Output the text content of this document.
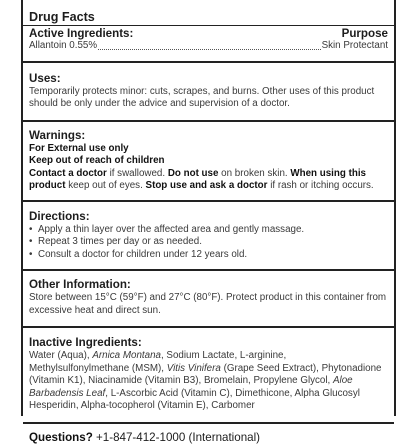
Drug Facts
Active Ingredients:	Purpose
Allantoin 0.55%	Skin Protectant
Uses:
Temporarily protects minor: cuts, scrapes, and burns. Other uses of this product should be only under the advice and supervision of a doctor.
Warnings:
For External use only
Keep out of reach of children
Contact a doctor if swallowed. Do not use on broken skin. When using this product keep out of eyes. Stop use and ask a doctor if rash or itching occurs.
Directions:
• Apply a thin layer over the affected area and gently massage.
• Repeat 3 times per day or as needed.
• Consult a doctor for children under 12 years old.
Other Information:
Store between 15°C (59°F) and 27°C (80°F). Protect product in this container from excessive heat and direct sun.
Inactive Ingredients:
Water (Aqua), Arnica Montana, Sodium Lactate, L-arginine, Methylsulfonylmethane (MSM), Vitis Vinifera (Grape Seed Extract), Phytonadione (Vitamin K1), Niacinamide (Vitamin B3), Bromelain, Propylene Glycol, Aloe Barbadensis Leaf, L-Ascorbic Acid (Vitamin C), Dimethicone, Alpha Glucosyl Hesperidin, Alpha-tocopherol (Vitamin E), Carbomer
Questions? +1-847-412-1000 (International)
